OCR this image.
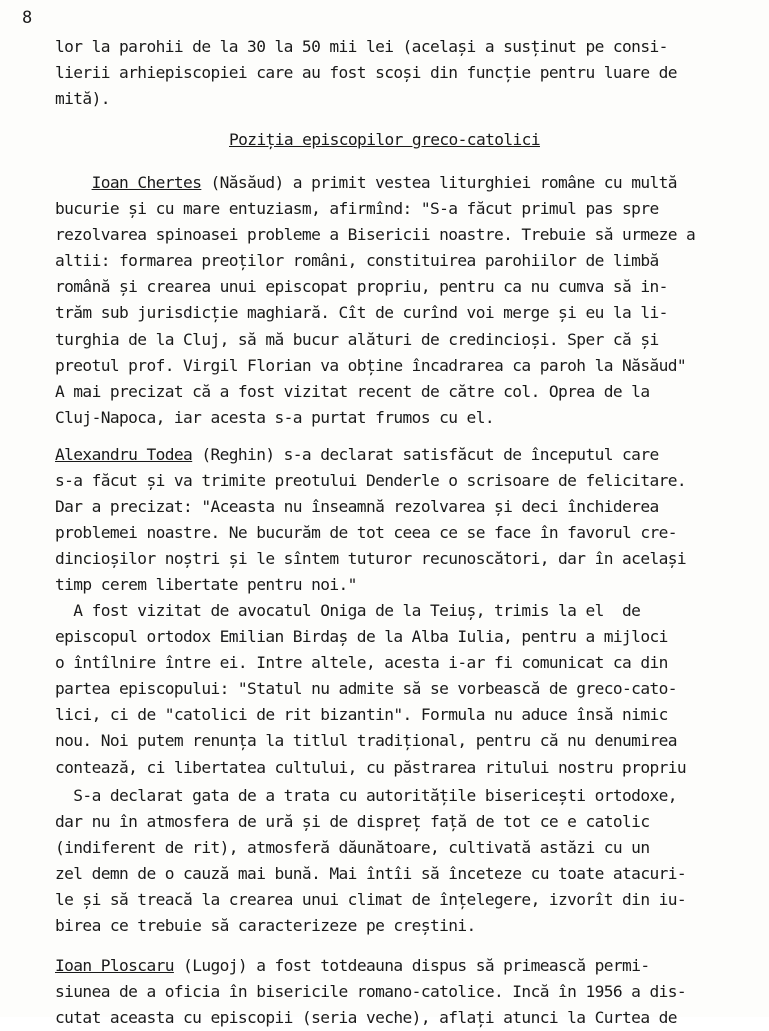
8
lor la parohii de la 30 la 50 mii lei (același a susținut pe consi-
lierii arhiepiscopiei care au fost scoși din funcție pentru luare de
mită).
Poziția episcopilor greco-catolici
Ioan Chertes (Năsăud) a primit vestea liturghiei române cu multă
bucurie și cu mare entuziasm, afirmînd: "S-a făcut primul pas spre
rezolvarea spinoasei probleme a Bisericii noastre. Trebuie să urmeze a
altii: formarea preoților români, constituirea parohiilor de limbă
română și crearea unui episcopat propriu, pentru ca nu cumva să in-
trăm sub jurisdicție maghiară. Cît de curînd voi merge și eu la li-
turghia de la Cluj, să mă bucur alături de credincioși. Sper că și
preotul prof. Virgil Florian va obține încadrarea ca paroh la Năsăud"
A mai precizat că a fost vizitat recent de către col. Oprea de la
Cluj-Napoca, iar acesta s-a purtat frumos cu el.
Alexandru Todea (Reghin) s-a declarat satisfăcut de începutul care
s-a făcut și va trimite preotului Denderle o scrisoare de felicitare.
Dar a precizat: "Aceasta nu înseamnă rezolvarea și deci închiderea
problemei noastre. Ne bucurăm de tot ceea ce se face în favorul cre-
dincioșilor noștri și le sîntem tuturor recunoscători, dar în același
timp cerem libertate pentru noi."
A fost vizitat de avocatul Oniga de la Teiuș, trimis la el  de
episcopul ortodox Emilian Birdaș de la Alba Iulia, pentru a mijloci
o întîlnire între ei. Intre altele, acesta i-ar fi comunicat ca din
partea episcopului: "Statul nu admite să se vorbească de greco-cato-
lici, ci de "catolici de rit bizantin". Formula nu aduce însă nimic
nou. Noi putem renunța la titlul tradițional, pentru că nu denumirea
contează, ci libertatea cultului, cu păstrarea ritului nostru propriu
S-a declarat gata de a trata cu autoritățile bisericești ortodoxe,
dar nu în atmosfera de ură și de dispreț față de tot ce e catolic
(indiferent de rit), atmosferă dăunătoare, cultivată astăzi cu un
zel demn de o cauză mai bună. Mai întîi să înceteze cu toate atacuri-
le și să treacă la crearea unui climat de înțelegere, izvorît din iu-
birea ce trebuie să caracterizeze pe creștini.
Ioan Ploscaru (Lugoj) a fost totdeauna dispus să primească permi-
siunea de a oficia în bisericile romano-catolice. Incă în 1956 a dis-
cutat aceasta cu episcopii (seria veche), aflați atunci la Curtea de
